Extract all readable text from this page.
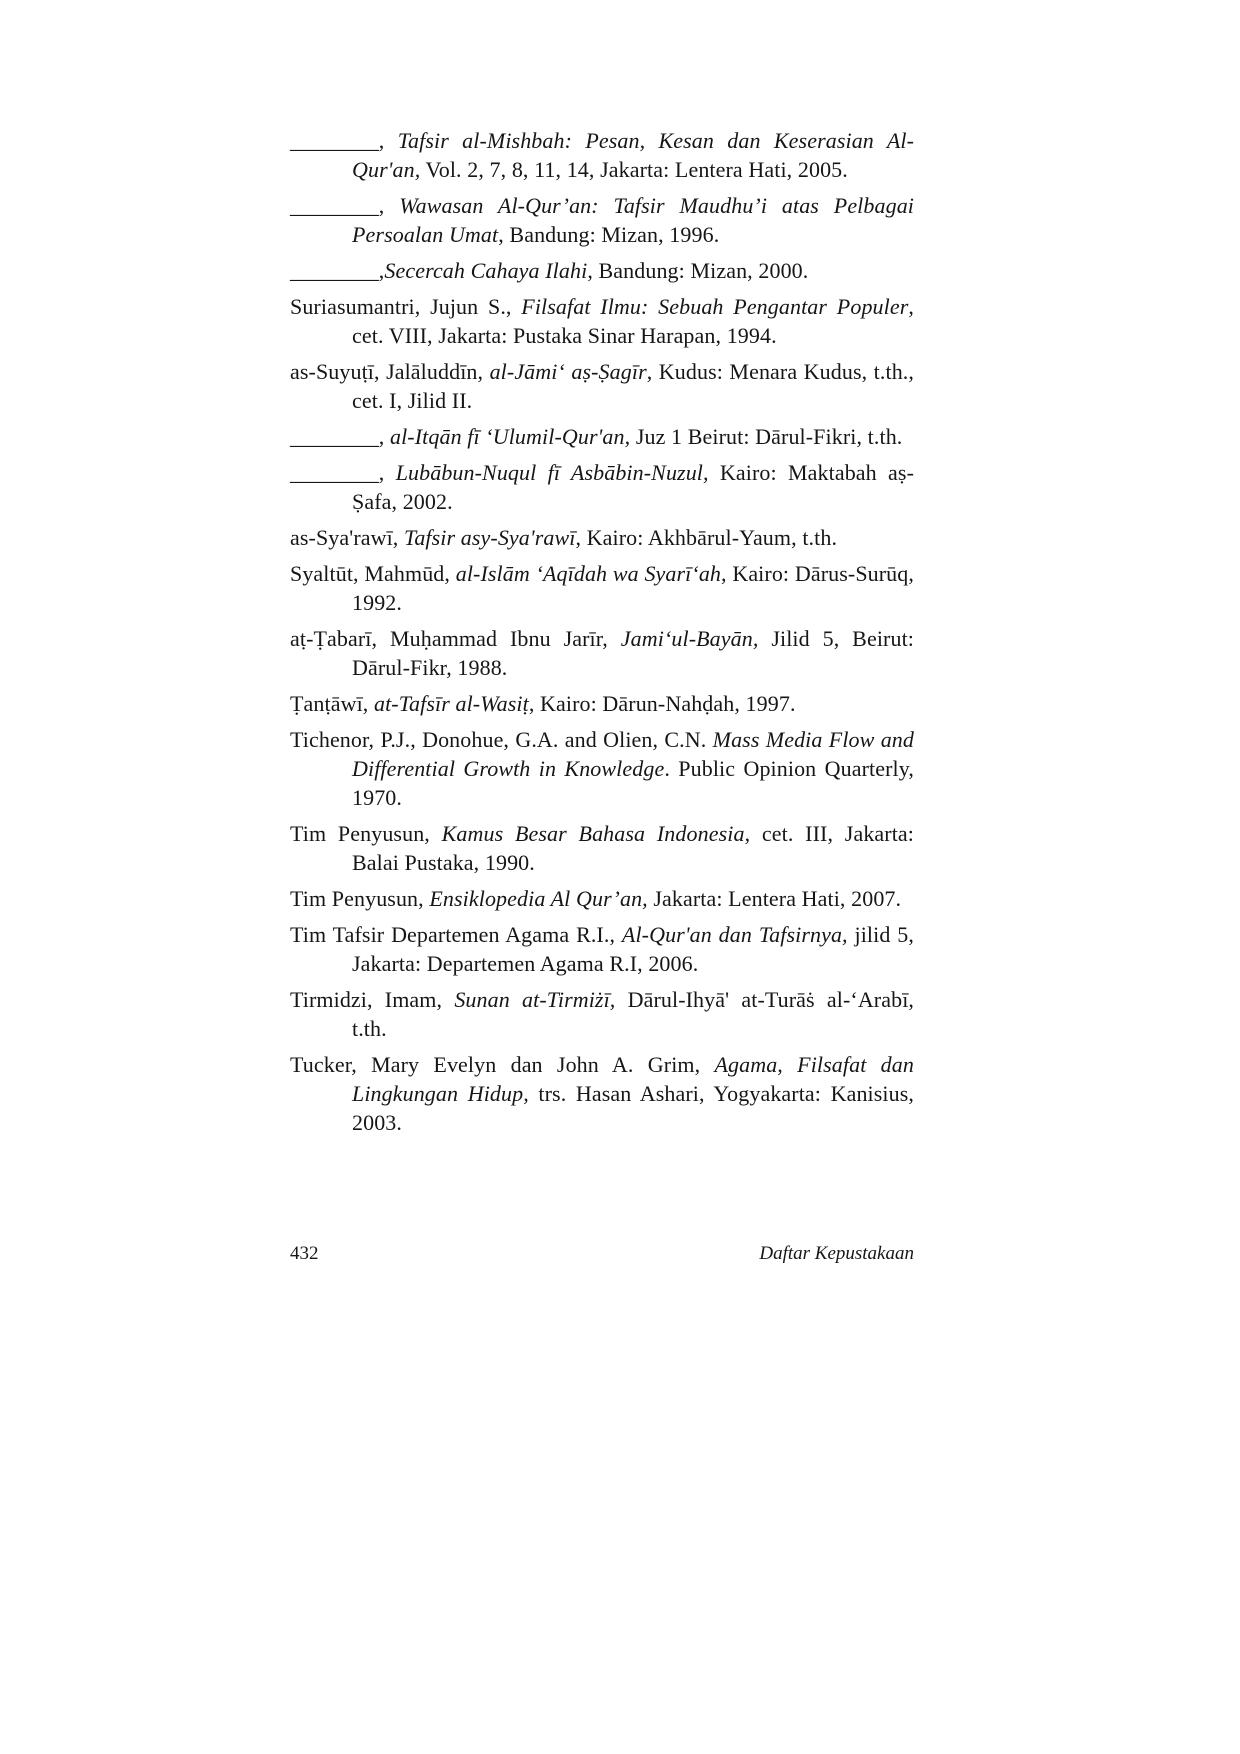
________, Tafsir al-Mishbah: Pesan, Kesan dan Keserasian Al-Qur'an, Vol. 2, 7, 8, 11, 14, Jakarta: Lentera Hati, 2005.

________, Wawasan Al-Qur’an: Tafsir Maudhu’i atas Pelbagai Persoalan Umat, Bandung: Mizan, 1996.

________,Secercah Cahaya Ilahi, Bandung: Mizan, 2000.

Suriasumantri, Jujun S., Filsafat Ilmu: Sebuah Pengantar Populer, cet. VIII, Jakarta: Pustaka Sinar Harapan, 1994.

as-Suyuṭī, Jalāluddīn, al-Jāmi‘ aṣ-Ṣagīr, Kudus: Menara Kudus, t.th., cet. I, Jilid II.

________, al-Itqān fī ‘Ulumil-Qur'an, Juz 1 Beirut: Dārul-Fikri, t.th.

________, Lubābun-Nuqul fī Asbābin-Nuzul, Kairo: Maktabah aṣ-Ṣafa, 2002.

as-Sya'rawī, Tafsir asy-Sya'rawī, Kairo: Akhbārul-Yaum, t.th.

Syaltūt, Mahmūd, al-Islām ‘Aqīdah wa Syarī‘ah, Kairo: Dārus-Surūq, 1992.

aṭ-Ṭabarī, Muḥammad Ibnu Jarīr, Jami‘ul-Bayān, Jilid 5, Beirut: Dārul-Fikr, 1988.

Ṭanṭāwī, at-Tafsīr al-Wasiṭ, Kairo: Dārun-Nahḍah, 1997.

Tichenor, P.J., Donohue, G.A. and Olien, C.N. Mass Media Flow and Differential Growth in Knowledge. Public Opinion Quarterly, 1970.

Tim Penyusun, Kamus Besar Bahasa Indonesia, cet. III, Jakarta: Balai Pustaka, 1990.

Tim Penyusun, Ensiklopedia Al Qur’an, Jakarta: Lentera Hati, 2007.

Tim Tafsir Departemen Agama R.I., Al-Qur'an dan Tafsirnya, jilid 5, Jakarta: Departemen Agama R.I, 2006.

Tirmidzi, Imam, Sunan at-Tirmiżī, Dārul-Ihyā' at-Turāṡ al-‘Arabī, t.th.

Tucker, Mary Evelyn dan John A. Grim, Agama, Filsafat dan Lingkungan Hidup, trs. Hasan Ashari, Yogyakarta: Kanisius, 2003.

432	Daftar Kepustakaan
